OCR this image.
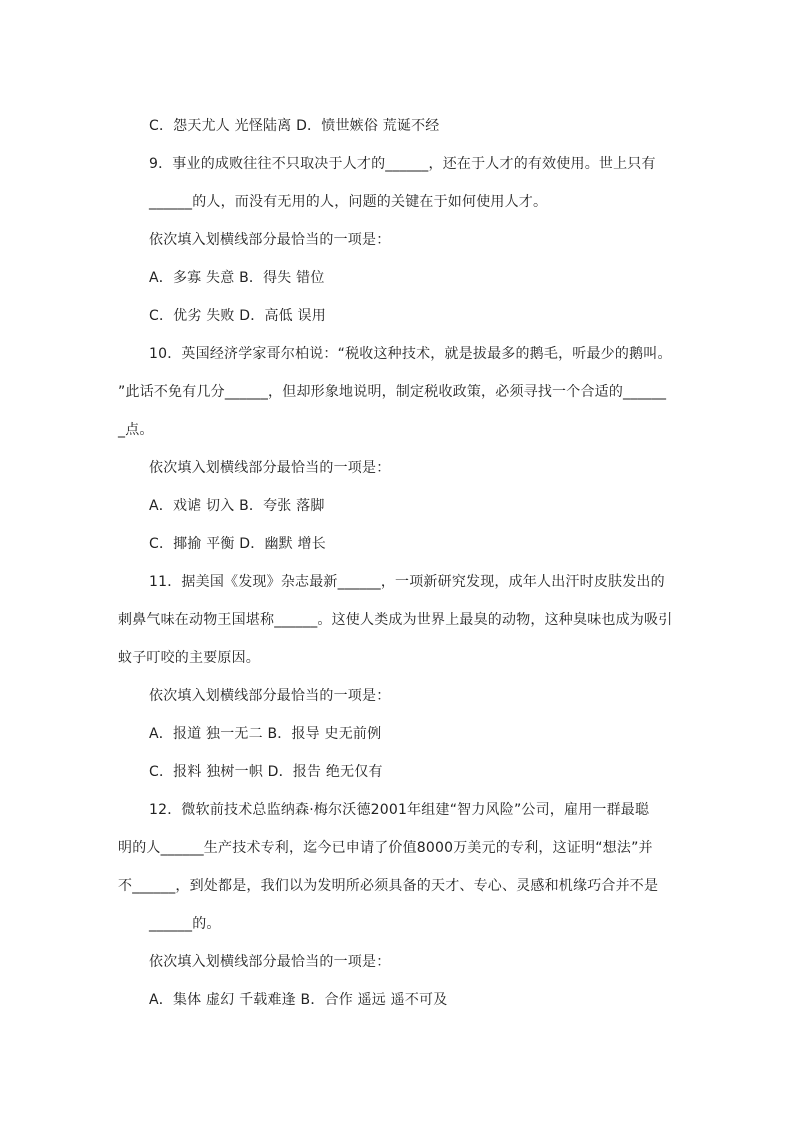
C．怨天尤人 光怪陆离 D．愤世嫉俗 荒诞不经
9．事业的成败往往不只取决于人才的______，还在于人才的有效使用。世上只有
______的人，而没有无用的人，问题的关键在于如何使用人才。
依次填入划横线部分最恰当的一项是：
A．多寡 失意 B．得失 错位
C．优劣 失败 D．高低 误用
10．英国经济学家哥尔柏说：“税收这种技术，就是拔最多的鹅毛，听最少的鹅叫。
”此话不免有几分______，但却形象地说明，制定税收政策，必须寻找一个合适的______
_点。
依次填入划横线部分最恰当的一项是：
A．戏谑 切入 B．夸张 落脚
C．揶揄 平衡 D．幽默 增长
11．据美国《发现》杂志最新______，一项新研究发现，成年人出汗时皮肤发出的
刺鼻气味在动物王国堪称______。这使人类成为世界上最臭的动物，这种臭味也成为吸引
蚊子叮咬的主要原因。
依次填入划横线部分最恰当的一项是：
A．报道 独一无二 B．报导 史无前例
C．报料 独树一帜 D．报告 绝无仅有
12．微软前技术总监纳森·梅尔沃德2001年组建“智力风险”公司，雇用一群最聪
明的人______生产技术专利，迄今已申请了价值8000万美元的专利，这证明“想法”并
不______，到处都是，我们以为发明所必须具备的天才、专心、灵感和机缘巧合并不是
______的。
依次填入划横线部分最恰当的一项是：
A．集体 虚幻 千载难逢 B．合作 遥远 遥不可及
